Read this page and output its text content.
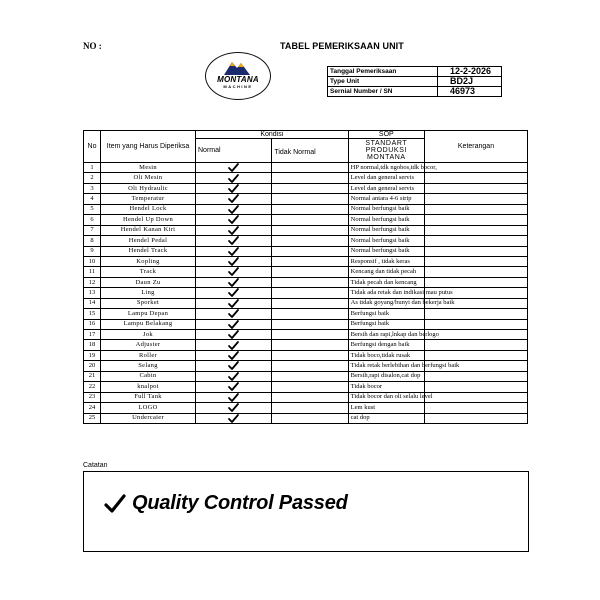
NO :	TABEL PEMERIKSAAN UNIT
MONTANA
MACHINE
Tanggal Pemeriksaan	12-2-2026
Type Unit	BD2J
Sernial Number / SN	46973
No	Item yang Harus Diperiksa	Kondisi		SOP	Keterangan
		Normal	Tidak Normal	STANDART PRODUKSI MONTANA	
1	Mesin			HP normal,tdk ngobos,tdk bocor,	
2	Oli Mesin			Level dan general servis	
3	Oli Hydraulic			Level dan general servis	
4	Temperatur			Normal antara 4-6 strip	
5	Hendel Lock			Normal berfungsi baik	
6	Hendel Up Down			Normal berfungsi baik	
7	Hendel Kanan Kiri			Normal berfungsi baik	
8	Hendel Pedal			Normal berfungsi baik	
9	Hendel Track			Normal berfungsi baik	
10	Kopling			Responsif , tidak keras	
11	Track			Kencang dan tidak pecah	
12	Daun Zu			Tidak pecah dan kencang	
13	Ling			Tidak ada retak dan indikasi mau putus	
14	Sporket			As tidak goyang/bunyi dan bekerja baik	
15	Lampu Depan			Berfungsi baik	
16	Lampu Belakang			Berfungsi baik	
17	Jok			Bersih dan rapi,lnkap dan berlogo	
18	Adjuster			Berfungsi dengan baik	
19	Roller			Tidak boco,tidak rusak	
20	Selang			Tidak retak berlebihan dan berfungsi baik	
21	Cabin			Bersih,rapi disalon,cat dop	
22	knalpot			Tidak bocor	
23	Full Tank			Tidak bocor dan oli selalu level	
24	LOGO			Lem kust	
25	Undercaier			cat dop	
Catatan
Quality Control Passed
